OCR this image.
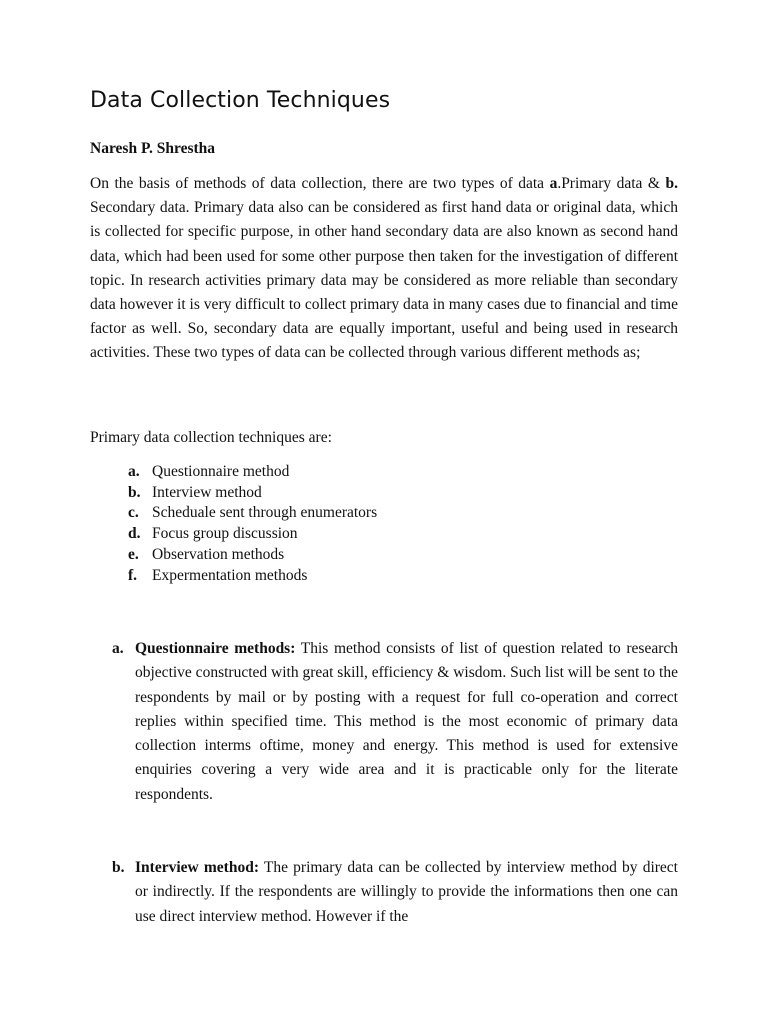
Data Collection Techniques

Naresh P. Shrestha

On the basis of methods of data collection, there are two types of data a.Primary data & b. Secondary data. Primary data also can be considered as first hand data or original data, which is collected for specific purpose, in other hand secondary data are also known as second hand data, which had been used for some other purpose then taken for the investigation of different topic. In research activities primary data may be considered as more reliable than secondary data however it is very difficult to collect primary data in many cases due to financial and time factor as well. So, secondary data are equally important, useful and being used in research activities. These two types of data can be collected through various different methods as;

Primary data collection techniques are:

a. Questionnaire method
b. Interview method
c. Scheduale sent through enumerators
d. Focus group discussion
e. Observation methods
f. Expermentation methods
a. Questionnaire methods: This method consists of list of question related to research objective constructed with great skill, efficiency & wisdom. Such list will be sent to the respondents by mail or by posting with a request for full co-operation and correct replies within specified time. This method is the most economic of primary data collection interms oftime, money and energy. This method is used for extensive enquiries covering a very wide area and it is practicable only for the literate respondents.

b. Interview method: The primary data can be collected by interview method by direct or indirectly. If the respondents are willingly to provide the informations then one can use direct interview method. However if the
